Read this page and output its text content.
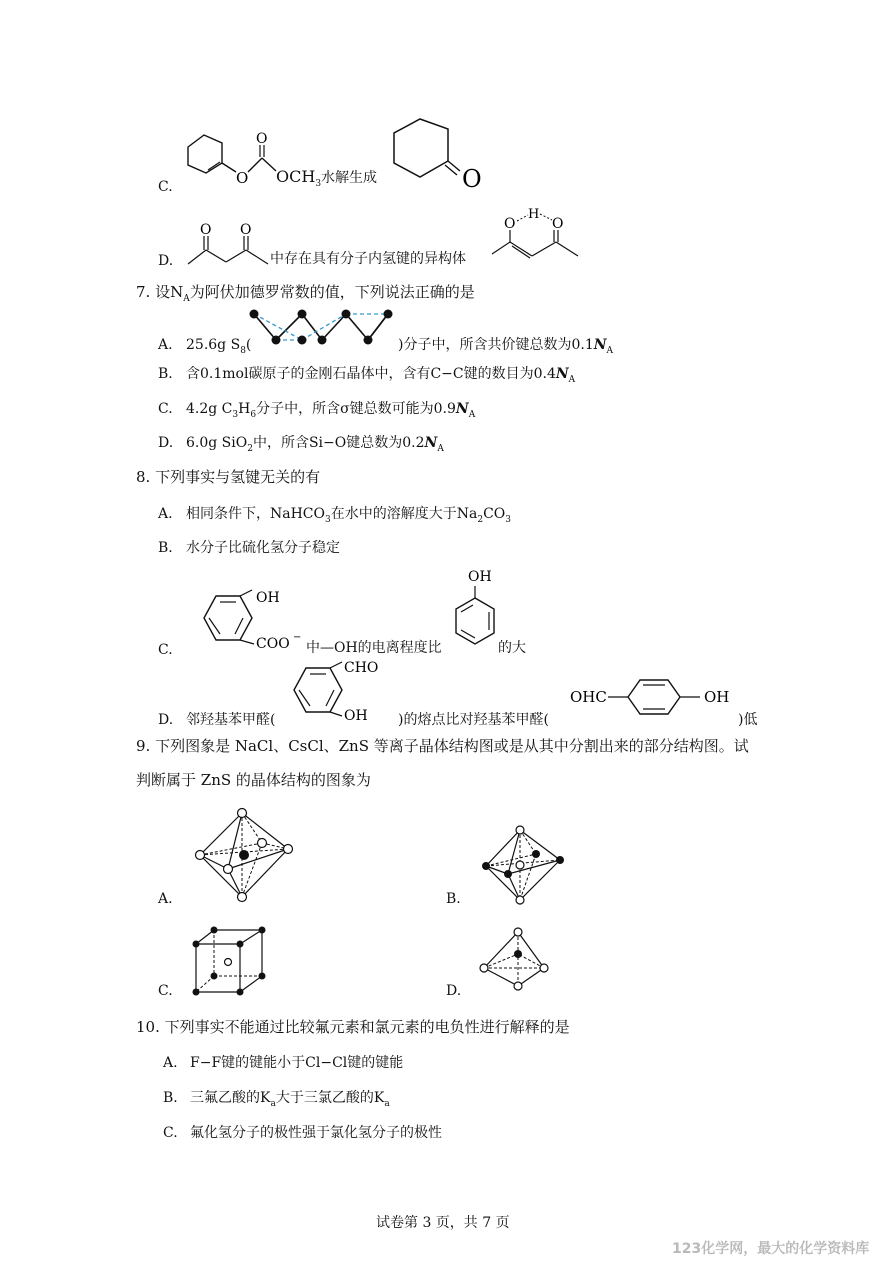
C.	O
O
$OCH_3$水解生成	O
D.
O O
中存在具有分子内氢键的异构体
O
H
O
7. 设$N_A$为阿伏加德罗常数的值，下列说法正确的是
A. 25.6g $S_8$(	)分子中，所含共价键总数为$0.1N_A$
B. 含0.1mol碳原子的金刚石晶体中，含有C−C键的数目为$0.4N_A$
C. 4.2g $C_3H_6$分子中，所含σ键总数可能为$0.9N_A$
D. 6.0g SiO$_2$中，所含Si−O键总数为$0.2N_A$
8. 下列事实与氢键无关的有
A. 相同条件下，NaHCO$_3$在水中的溶解度大于$Na_2CO_3$
B. 水分子比硫化氢分子稳定
C.
OH
COO −
中—OH的电离程度比
OH
的大
D. 邻羟基苯甲醛(
CHO
OH )的熔点比对羟基苯甲醛(
OHC	OH
)低
9. 下列图象是 NaCl、CsCl、ZnS 等离子晶体结构图或是从其中分割出来的部分结构图。试
判断属于 ZnS 的晶体结构的图象为
A.	B.
C.	D.
10. 下列事实不能通过比较氟元素和氯元素的电负性进行解释的是
A. F−F键的键能小于Cl−Cl键的键能
B. 三氟乙酸的$K_a$大于三氯乙酸的$K_a$
C. 氟化氢分子的极性强于氯化氢分子的极性
试卷第 3 页，共 7 页
123化学网，最大的化学资料库
